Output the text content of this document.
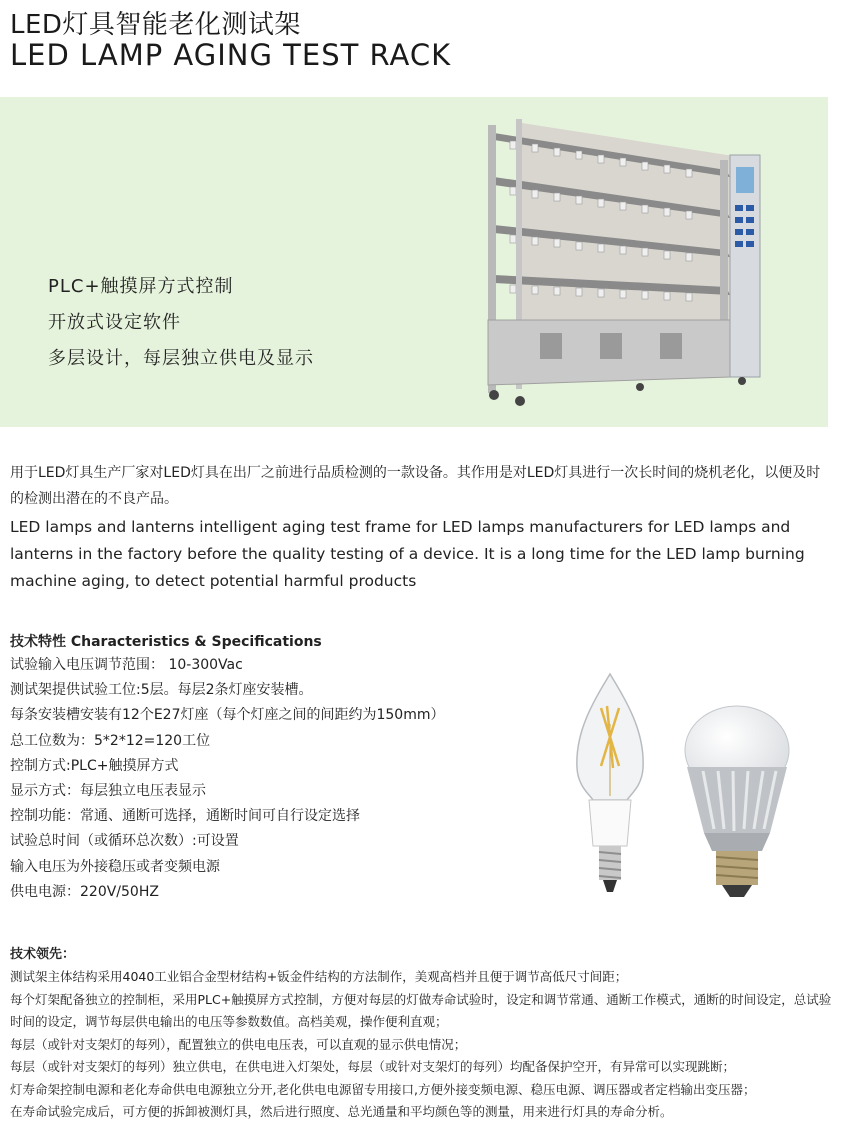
LED灯具智能老化测试架
LED LAMP AGING TEST RACK
PLC+触摸屏方式控制
开放式设定软件
多层设计，每层独立供电及显示
用于LED灯具生产厂家对LED灯具在出厂之前进行品质检测的一款设备。其作用是对LED灯具进行一次长时间的烧机老化，以便及时的检测出潜在的不良产品。
LED lamps and lanterns intelligent aging test frame for LED lamps manufacturers for LED lamps and lanterns in the factory before the quality testing of a device. It is a long time for the LED lamp burning machine aging, to detect potential harmful products
技术特性 Characteristics & Specifications
试验输入电压调节范围： 10-300Vac
测试架提供试验工位:5层。每层2条灯座安装槽。
每条安装槽安装有12个E27灯座（每个灯座之间的间距约为150mm）
总工位数为：5*2*12=120工位
控制方式:PLC+触摸屏方式
显示方式：每层独立电压表显示
控制功能：常通、通断可选择，通断时间可自行设定选择
试验总时间（或循环总次数）:可设置
输入电压为外接稳压或者变频电源
供电电源：220V/50HZ
技术领先：
测试架主体结构采用4040工业铝合金型材结构+钣金件结构的方法制作，美观高档并且便于调节高低尺寸间距；
每个灯架配备独立的控制柜，采用PLC+触摸屏方式控制，方便对每层的灯做寿命试验时，设定和调节常通、通断工作模式，通断的时间设定，总试验时间的设定，调节每层供电输出的电压等参数数值。高档美观，操作便利直观；
每层（或针对支架灯的每列），配置独立的供电电压表，可以直观的显示供电情况；
每层（或针对支架灯的每列）独立供电，在供电进入灯架处，每层（或针对支架灯的每列）均配备保护空开，有异常可以实现跳断；
灯寿命架控制电源和老化寿命供电电源独立分开,老化供电电源留专用接口,方便外接变频电源、稳压电源、调压器或者定档输出变压器；
在寿命试验完成后，可方便的拆卸被测灯具，然后进行照度、总光通量和平均颜色等的测量，用来进行灯具的寿命分析。
